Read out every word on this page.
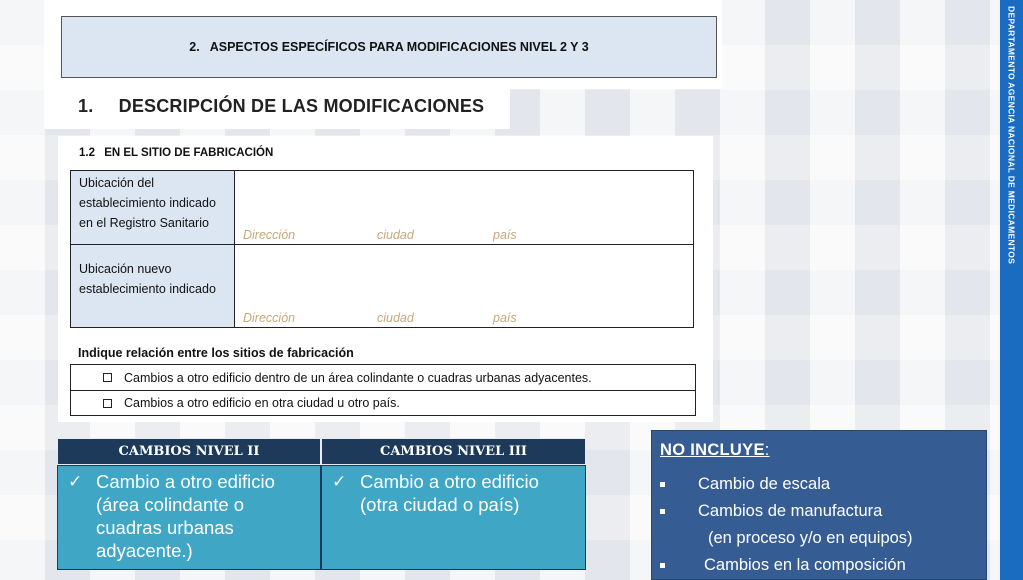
DEPARTAMENTO AGENCIA NACIONAL DE MEDICAMENTOS
2. ASPECTOS ESPECÍFICOS PARA MODIFICACIONES NIVEL 2 Y 3
1. DESCRIPCIÓN DE LAS MODIFICACIONES
1.2 EN EL SITIO DE FABRICACIÓN
Ubicación del establecimiento indicado en el Registro Sanitario
Dirección	ciudad	país
Ubicación nuevo establecimiento indicado
Dirección	ciudad	país
Indique relación entre los sitios de fabricación
Cambios a otro edificio dentro de un área colindante o cuadras urbanas adyacentes.
Cambios a otro edificio en otra ciudad u otro país.
CAMBIOS NIVEL II	CAMBIOS NIVEL III
✓ Cambio a otro edificio (área colindante o cuadras urbanas adyacente.)
✓ Cambio a otro edificio (otra ciudad o país)
NO INCLUYE:
Cambio de escala
Cambios de manufactura
(en proceso y/o en equipos)
Cambios en la composición
